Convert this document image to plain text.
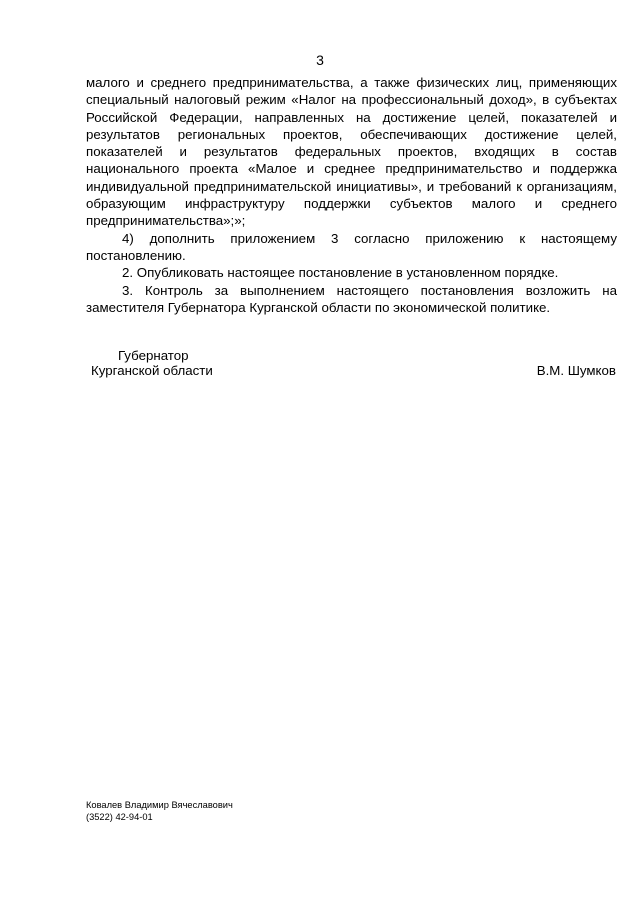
3

малого и среднего предпринимательства, а также физических лиц, применяющих специальный налоговый режим «Налог на профессиональный доход», в субъектах Российской Федерации, направленных на достижение целей, показателей и результатов региональных проектов, обеспечивающих достижение целей, показателей и результатов федеральных проектов, входящих в состав национального проекта «Малое и среднее предпринимательство и поддержка индивидуальной предпринимательской инициативы», и требований к организациям, образующим инфраструктуру поддержки субъектов малого и среднего предпринимательства»;»;

4) дополнить приложением 3 согласно приложению к настоящему постановлению.

2. Опубликовать настоящее постановление в установленном порядке.

3. Контроль за выполнением настоящего постановления возложить на заместителя Губернатора Курганской области по экономической политике.

Губернатор
Курганской области	В.М. Шумков
Ковалев Владимир Вячеславович
(3522) 42-94-01
